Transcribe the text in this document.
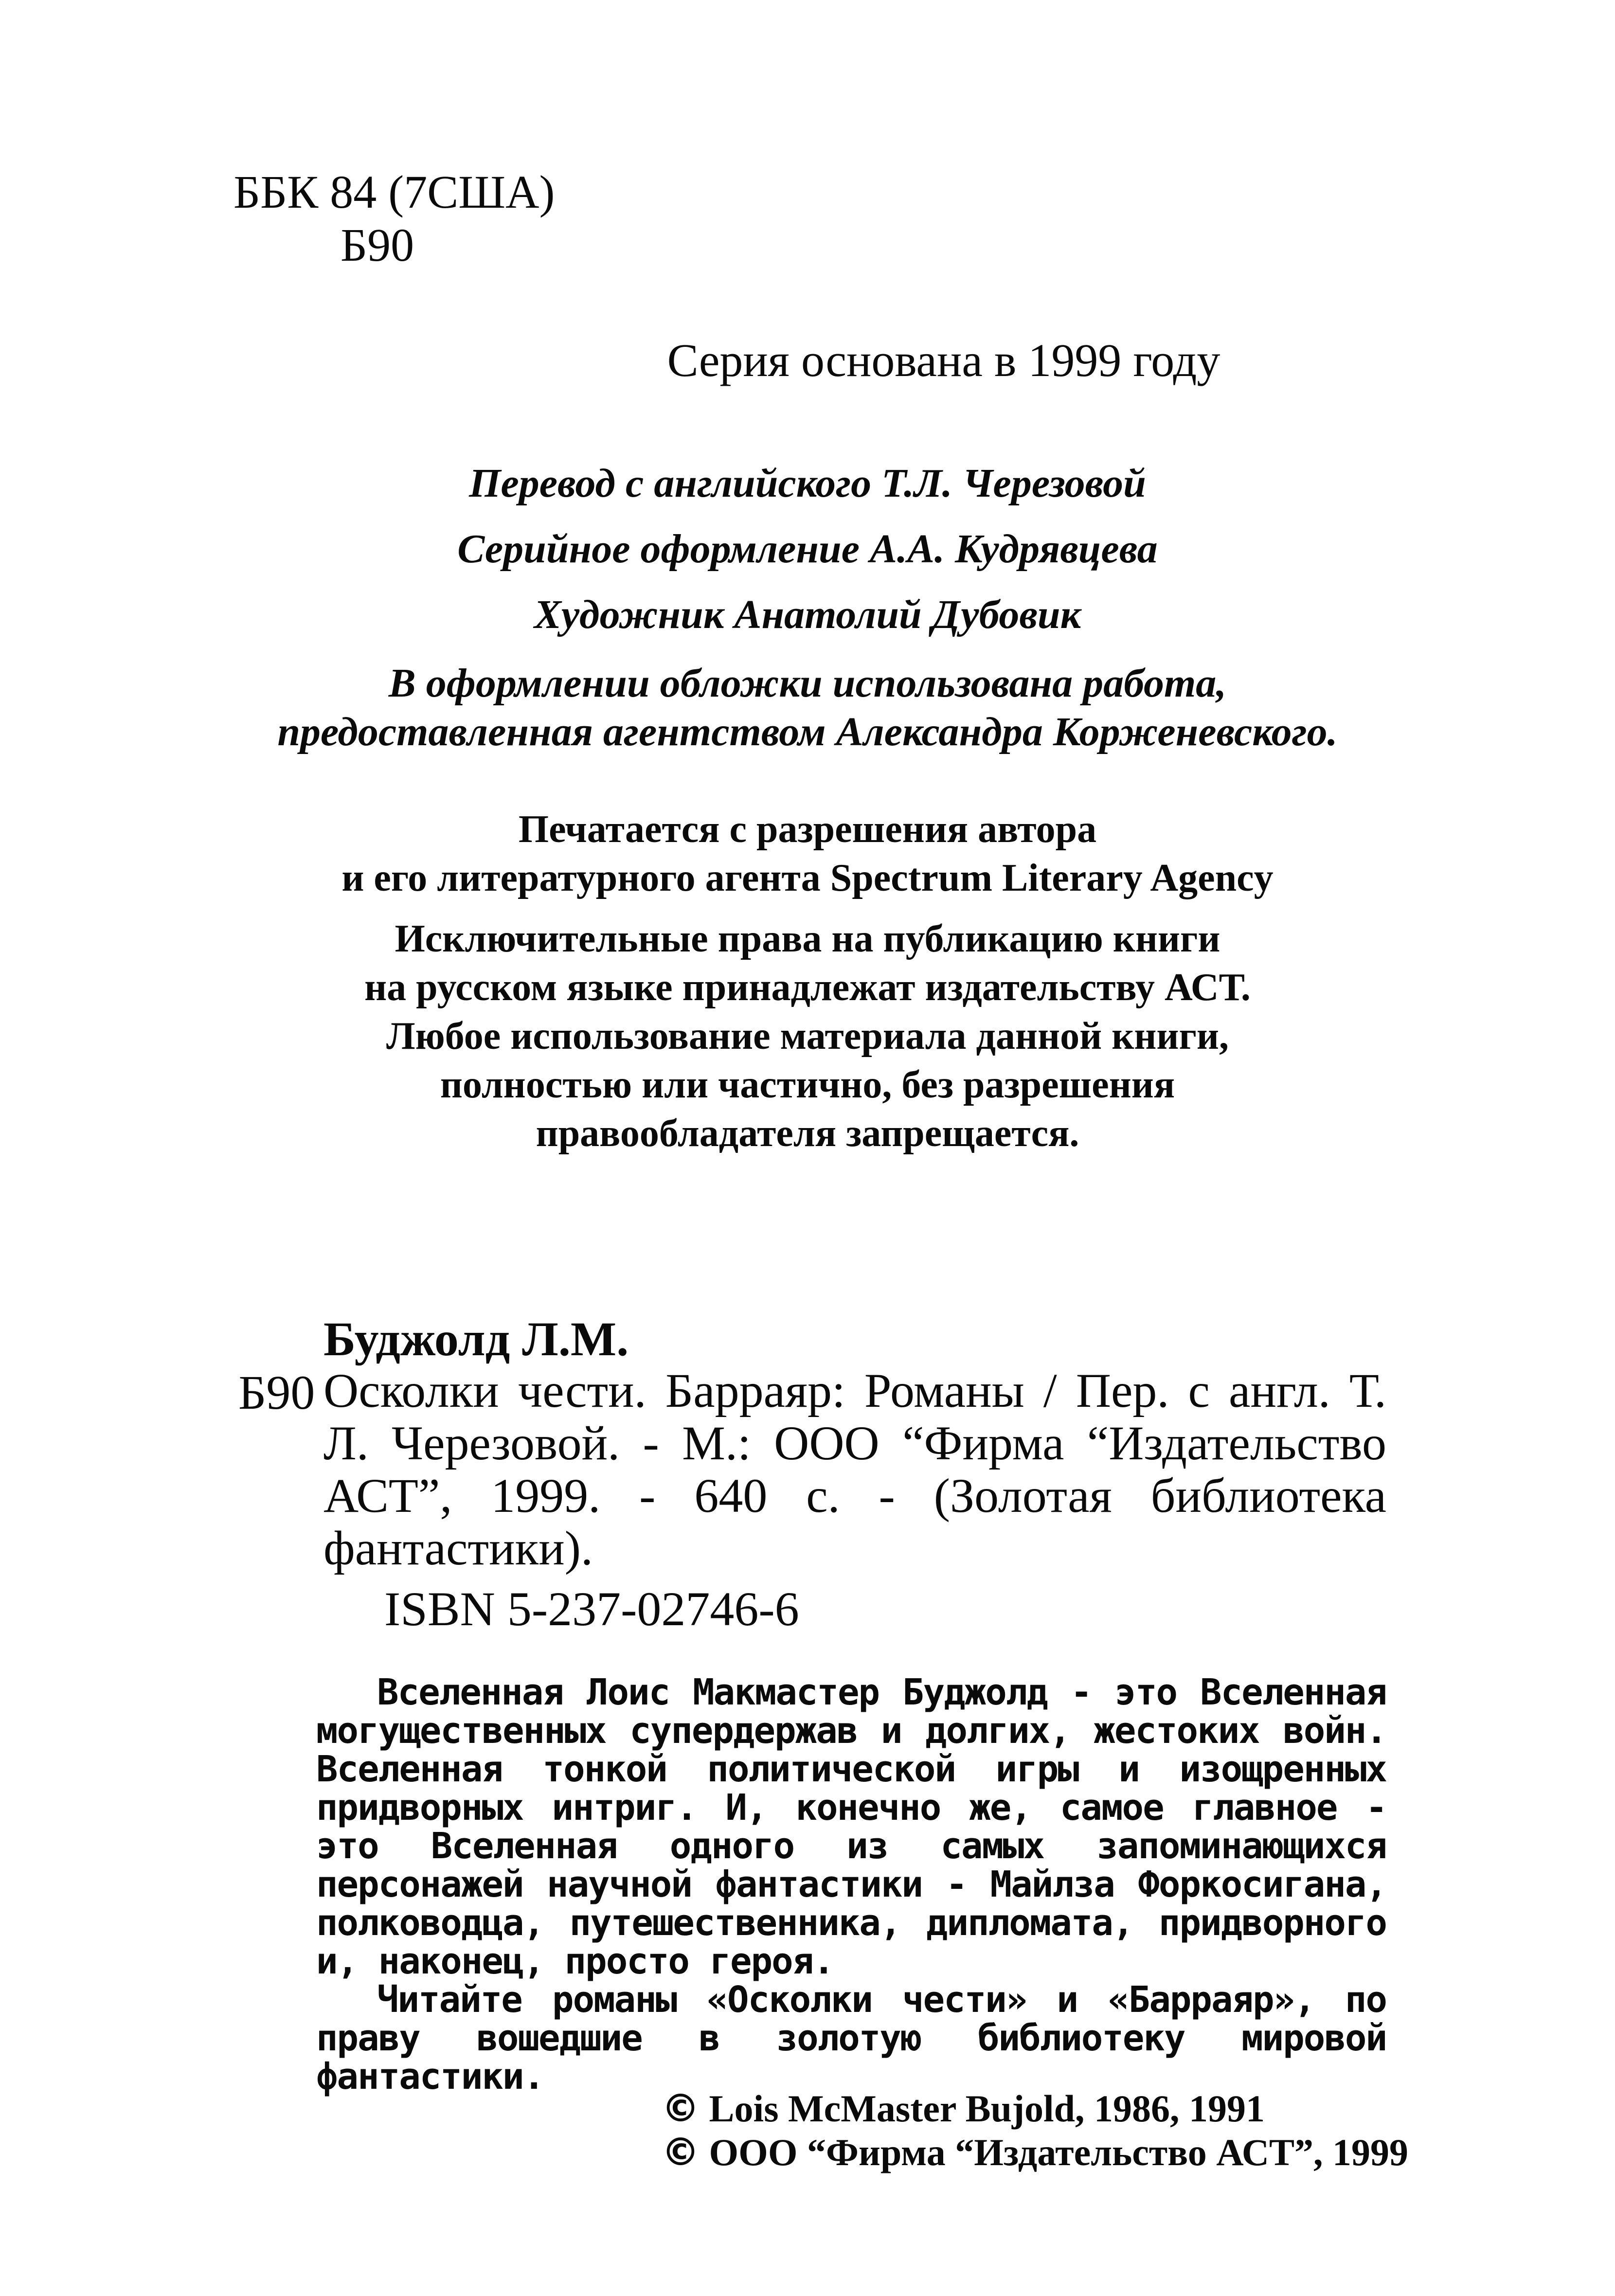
ББК 84 (7США)
Б90
Серия основана в 1999 году
Перевод с английского Т.Л. Черезовой
Серийное оформление А.А. Кудрявцева
Художник Анатолий Дубовик
В оформлении обложки использована работа,
предоставленная агентством Александра Корженевского.
Печатается с разрешения автора
и его литературного агента Spectrum Literary Agency
Исключительные права на публикацию книги
на русском языке принадлежат издательству АСТ.
Любое использование материала данной книги,
полностью или частично, без разрешения
правообладателя запрещается.
Буджолд Л.М.
Б90 Осколки чести. Барраяр: Романы / Пер. с англ. Т. Л. Черезовой. - М.: ООО “Фирма “Издательство АСТ”, 1999. - 640 с. - (Золотая библиотека фантастики).
ISBN 5-237-02746-6

Вселенная Лоис Макмастер Буджолд - это Вселенная могущественных супердержав и долгих, жестоких войн. Вселенная тонкой политической игры и изощренных придворных интриг. И, конечно же, самое главное - это Вселенная одного из самых запоминающихся персонажей научной фантастики - Майлза Форкосигана, полководца, путешественника, дипломата, придворного и, наконец, просто героя.

Читайте романы «Осколки чести» и «Барраяр», по праву вошедшие в золотую библиотеку мировой фантастики.

© Lois McMaster Bujold, 1986, 1991
© ООО “Фирма “Издательство АСТ”, 1999
